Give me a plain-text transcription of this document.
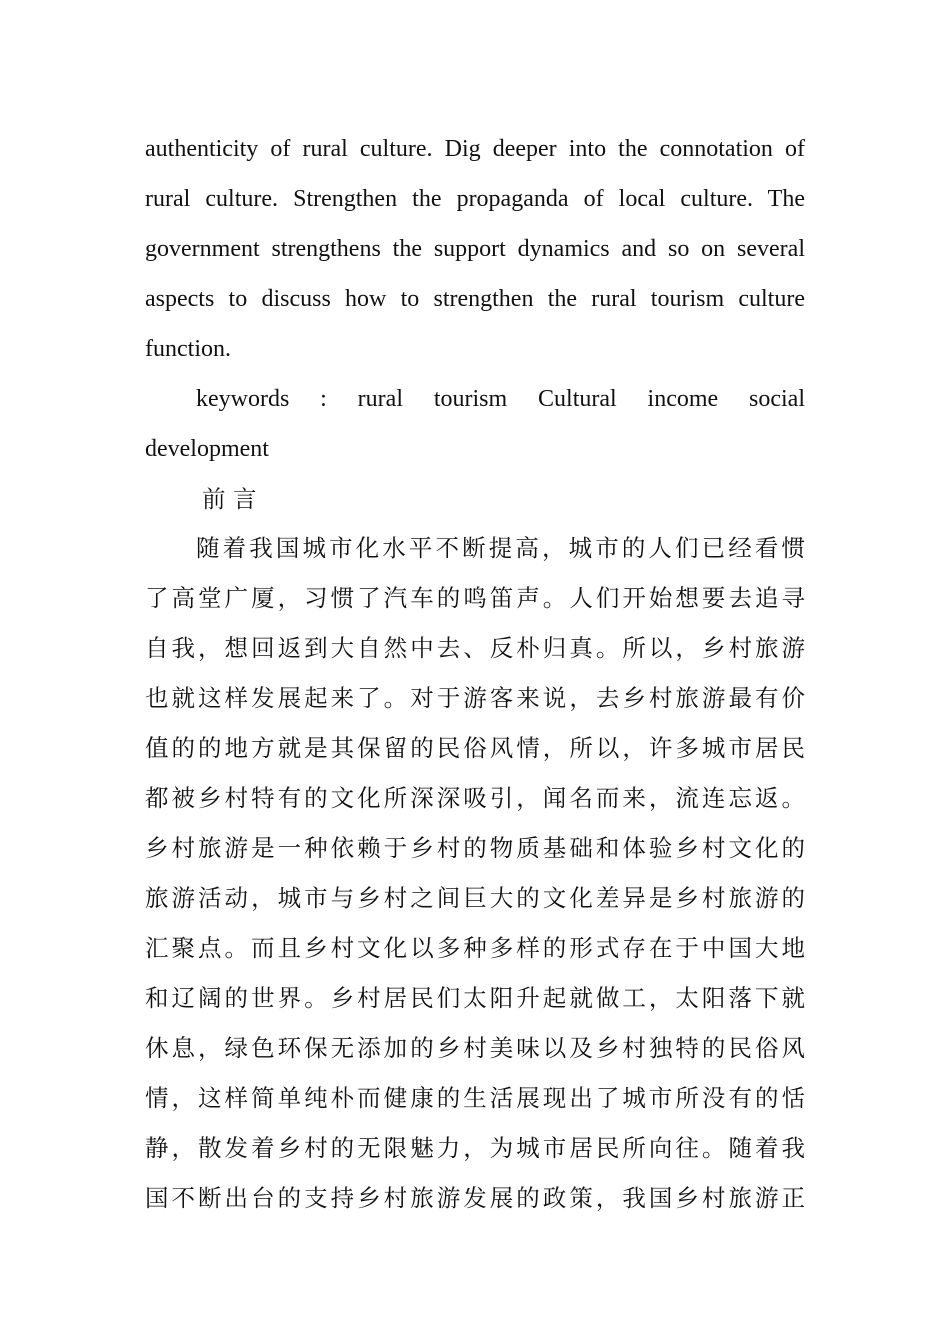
authenticity of rural culture. Dig deeper into the connotation of
rural culture. Strengthen the propaganda of local culture. The
government strengthens the support dynamics and so on several
aspects to discuss how to strengthen the rural tourism culture
function.
keywords : rural tourism Cultural income social
development
前 言
随着我国城市化水平不断提高，城市的人们已经看惯
了高堂广厦，习惯了汽车的鸣笛声。人们开始想要去追寻
自我，想回返到大自然中去、反朴归真。所以，乡村旅游
也就这样发展起来了。对于游客来说，去乡村旅游最有价
值的的地方就是其保留的民俗风情，所以，许多城市居民
都被乡村特有的文化所深深吸引，闻名而来，流连忘返。
乡村旅游是一种依赖于乡村的物质基础和体验乡村文化的
旅游活动，城市与乡村之间巨大的文化差异是乡村旅游的
汇聚点。而且乡村文化以多种多样的形式存在于中国大地
和辽阔的世界。乡村居民们太阳升起就做工，太阳落下就
休息，绿色环保无添加的乡村美味以及乡村独特的民俗风
情，这样简单纯朴而健康的生活展现出了城市所没有的恬
静，散发着乡村的无限魅力，为城市居民所向往。随着我
国不断出台的支持乡村旅游发展的政策，我国乡村旅游正
